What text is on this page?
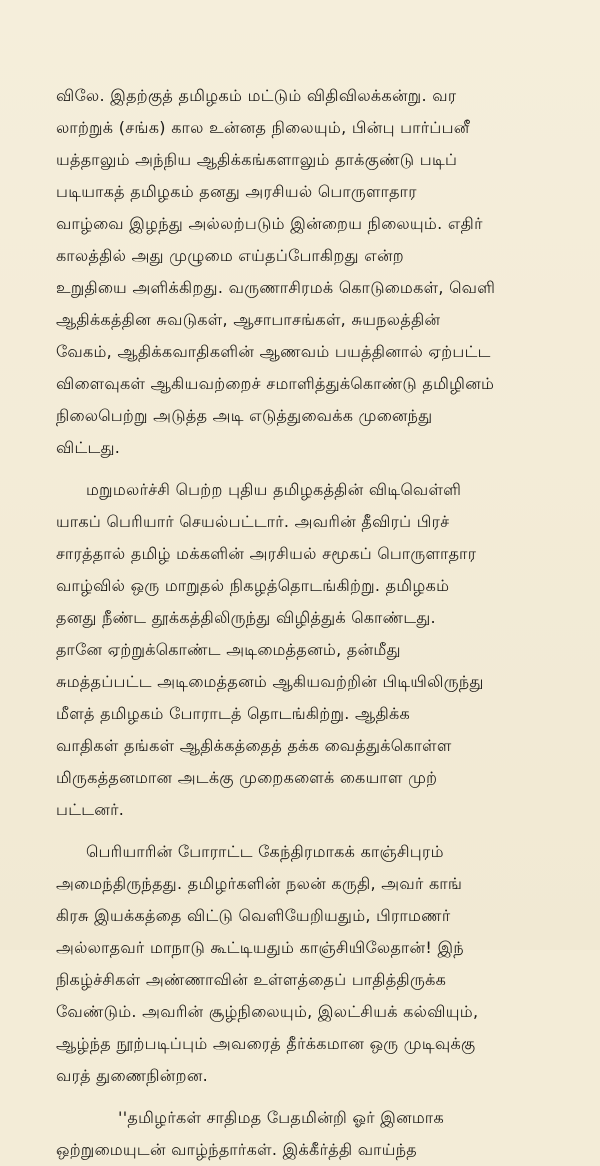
விலே. இதற்குத் தமிழகம் மட்டும் விதிவிலக்கன்று. வர
லாற்றுக் (சங்க) கால உன்னத நிலையும், பின்பு பார்ப்பனீ
யத்தாலும் அந்நிய ஆதிக்கங்களாலும் தாக்குண்டு படிப்
படியாகத் தமிழகம் தனது அரசியல் பொருளாதார
வாழ்வை இழந்து அல்லற்படும் இன்றைய நிலையும். எதிர்
காலத்தில் அது முழுமை எய்தப்போகிறது என்ற
உறுதியை அளிக்கிறது. வருணாசிரமக் கொடுமைகள், வெளி
ஆதிக்கத்தின சுவடுகள், ஆசாபாசங்கள், சுயநலத்தின்
வேகம், ஆதிக்கவாதிகளின் ஆணவம் பயத்தினால் ஏற்பட்ட
விளைவுகள் ஆகியவற்றைச் சமாளித்துக்கொண்டு தமிழினம்
நிலைபெற்று அடுத்த அடி எடுத்துவைக்க முனைந்து
விட்டது.
மறுமலர்ச்சி பெற்ற புதிய தமிழகத்தின் விடிவெள்ளி
யாகப் பெரியார் செயல்பட்டார். அவரின் தீவிரப் பிரச்
சாரத்தால் தமிழ் மக்களின் அரசியல் சமூகப் பொருளாதார
வாழ்வில் ஒரு மாறுதல் நிகழத்தொடங்கிற்று. தமிழகம்
தனது நீண்ட தூக்கத்திலிருந்து விழித்துக் கொண்டது.
தானே ஏற்றுக்கொண்ட அடிமைத்தனம், தன்மீது
சுமத்தப்பட்ட அடிமைத்தனம் ஆகியவற்றின் பிடியிலிருந்து
மீளத் தமிழகம் போராடத் தொடங்கிற்று. ஆதிக்க
வாதிகள் தங்கள் ஆதிக்கத்தைத் தக்க வைத்துக்கொள்ள
மிருகத்தனமான அடக்கு முறைகளைக் கையாள முற்
பட்டனர்.
பெரியாரின் போராட்ட கேந்திரமாகக் காஞ்சிபுரம்
அமைந்திருந்தது. தமிழர்களின் நலன் கருதி, அவர் காங்
கிரசு இயக்கத்தை விட்டு வெளியேறியதும், பிராமணர்
அல்லாதவர் மாநாடு கூட்டியதும் காஞ்சியிலேதான்! இந்
நிகழ்ச்சிகள் அண்ணாவின் உள்ளத்தைப் பாதித்திருக்க
வேண்டும். அவரின் சூழ்நிலையும், இலட்சியக் கல்வியும்,
ஆழ்ந்த நூற்படிப்பும் அவரைத் தீர்க்கமான ஒரு முடிவுக்கு
வரத் துணைநின்றன.
''தமிழர்கள் சாதிமத பேதமின்றி ஓர் இனமாக
ஒற்றுமையுடன் வாழ்ந்தார்கள். இக்கீர்த்தி வாய்ந்த
